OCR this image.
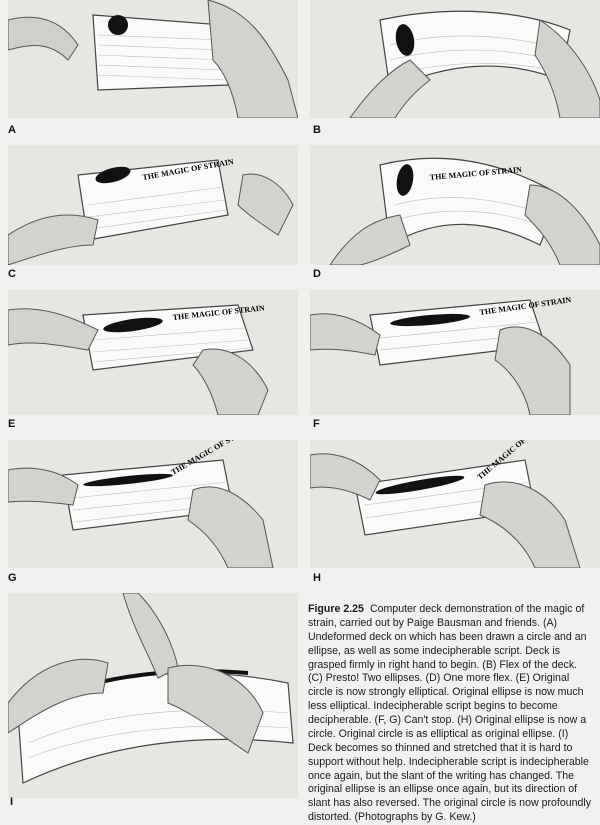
A	B
THE MAGIC OF STRAIN
C
THE MAGIC OF STRAIN
D
THE MAGIC OF STRAIN
E
THE MAGIC OF STRAIN
F
G	H
I
Figure 2.25 Computer deck demonstration of the magic of strain, carried out by Paige Bausman and friends. (A) Undeformed deck on which has been drawn a circle and an ellipse, as well as some indecipherable script. Deck is grasped firmly in right hand to begin. (B) Flex of the deck. (C) Presto! Two ellipses. (D) One more flex. (E) Original circle is now strongly elliptical. Original ellipse is now much less elliptical. Indecipherable script begins to become decipherable. (F, G) Can't stop. (H) Original ellipse is now a circle. Original circle is as elliptical as original ellipse. (I) Deck becomes so thinned and stretched that it is hard to support without help. Indecipherable script is indecipherable once again, but the slant of the writing has changed. The original ellipse is an ellipse once again, but its direction of slant has also reversed. The original circle is now profoundly distorted. (Photographs by G. Kew.)
